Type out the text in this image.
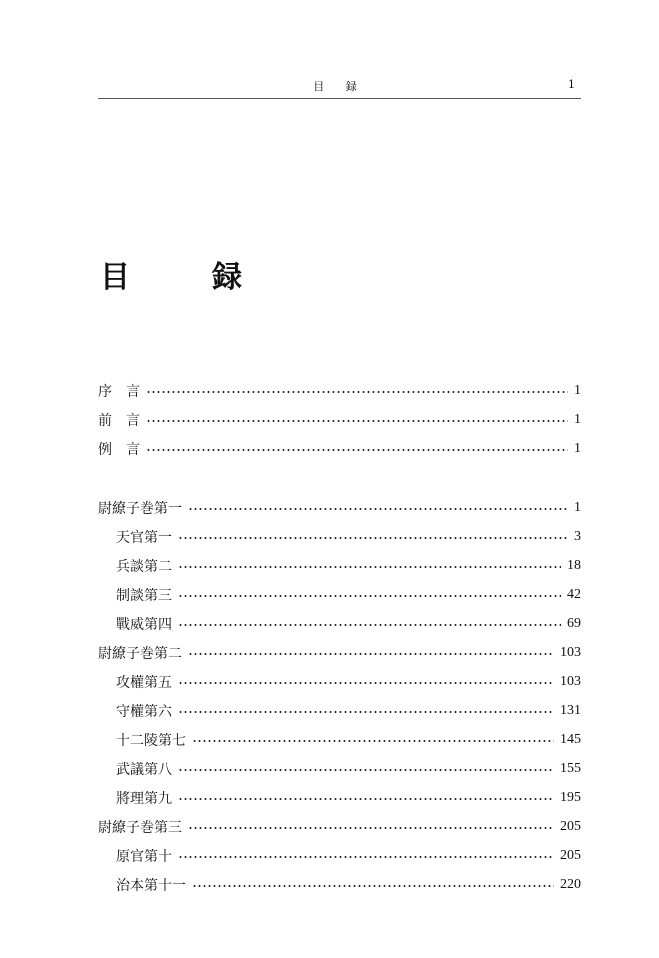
目 録	1
目　録
序　言	1
前　言	1
例　言	1
尉繚子巻第一	1
天官第一	3
兵談第二	18
制談第三	42
戰威第四	69
尉繚子巻第二	103
攻權第五	103
守權第六	131
十二陵第七	145
武議第八	155
將理第九	195
尉繚子巻第三	205
原官第十	205
治本第十一	220
